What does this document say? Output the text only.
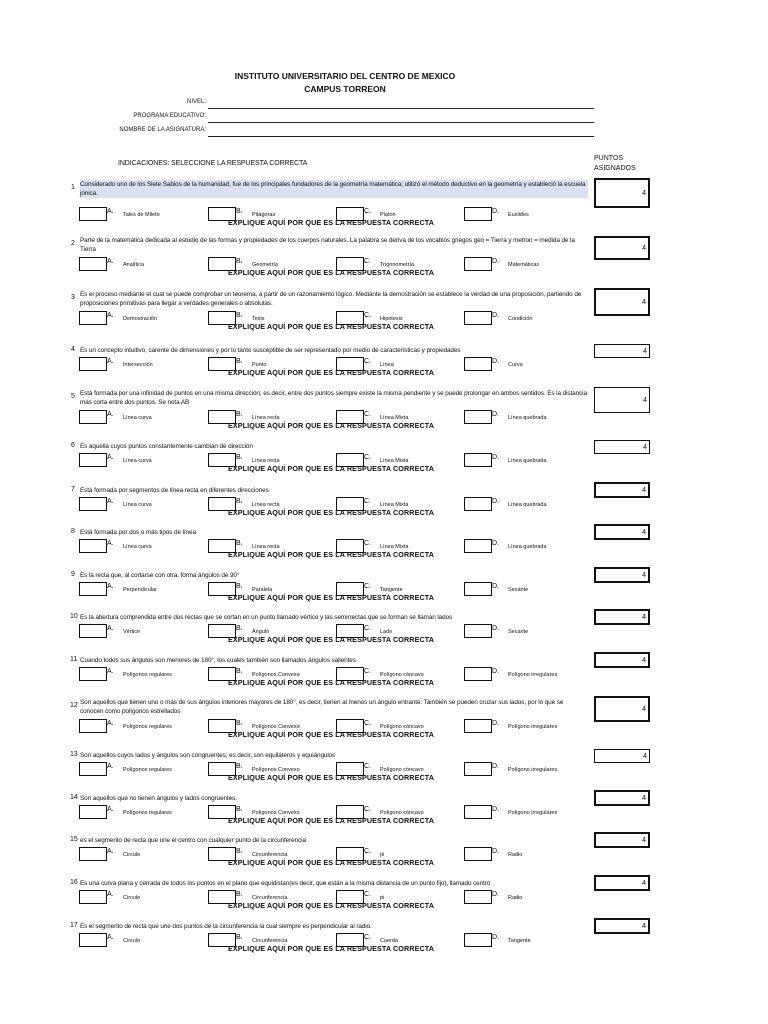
INSTITUTO UNIVERSITARIO DEL CENTRO DE MEXICO
CAMPUS TORREON
NIVEL:
PROGRAMA EDUCATIVO:
NOMBRE DE LA ASIGNATURA:
INDICACIONES: SELECCIONE LA RESPUESTA CORRECTA
PUNTOS
ASIGNADOS
1 Considerado uno de los Siete Sabios de la humanidad, fue de los principales fundadores de la geometría matemática; utilizó el método deductivo en la geometría y estableció la escuela jónica.	4
A. Tales de Mileto	B. Pitágoras	C. Platón	D. Euclides
EXPLIQUE AQUÍ POR QUE ES LA RESPUESTA CORRECTA
2 Parte de la matemática dedicada al estudio de las formas y propiedades de los cuerpos naturales. La palabra se deriva de los vocablos griegos geo = Tierra y metron = medida de la Tierra	4
A. Analítica	B. Geometría	C. Trigonometría	D. Matemáticas
EXPLIQUE AQUÍ POR QUE ES LA RESPUESTA CORRECTA
3 Es el proceso mediante el cual se puede comprobar un teorema, a partir de un razonamiento lógico. Mediante la demostración se establece la verdad de una proposición, partiendo de proposiciones primitivas para llegar a verdades generales o absolutas.	4
A. Demostración	B. Tesis	C. Hipotesis	D. Condición
EXPLIQUE AQUÍ POR QUE ES LA RESPUESTA CORRECTA
4 Es un concepto intuitivo, carente de dimensiones y por lo tanto susceptible de ser representado por medio de características y propiedades	4
A. Intersección	B. Punto	C. Línea	D. Curva
EXPLIQUE AQUÍ POR QUE ES LA RESPUESTA CORRECTA
5 Está formada por una infinidad de puntos en una misma dirección; es decir, entre dos puntos siempre existe la misma pendiente y se puede prolongar en ambos sentidos. Es la distancia más corta entre dos puntos. Se nota AB	4
A. Línea curva	B. Línea recta	C. Línea Mixta	D. Línea quebrada
EXPLIQUE AQUÍ POR QUE ES LA RESPUESTA CORRECTA
6 Es aquella cuyos puntos constantemente cambian de dirección	4
A. Línea curva	B. Línea recta	C. Línea Mixta	D. Línea quebrada
EXPLIQUE AQUÍ POR QUE ES LA RESPUESTA CORRECTA
7 Está formada por segmentos de línea recta en diferentes direcciones	4
A. Línea curva	B. Línea recta	C. Línea Mixta	D. Línea quebrada
EXPLIQUE AQUÍ POR QUE ES LA RESPUESTA CORRECTA
8 Está formada por dos o más tipos de línea	4
A. Línea curva	B. Línea recta	C. Línea Mixta	D. Línea quebrada
EXPLIQUE AQUÍ POR QUE ES LA RESPUESTA CORRECTA
9 Es la recta que, al cortarse con otra, forma ángulos de 90°	4
A. Perpendicular	B. Paralela	C. Tangente	D. Secante
EXPLIQUE AQUÍ POR QUE ES LA RESPUESTA CORRECTA
10 Es la abertura comprendida entre dos rectas que se cortan en un punto llamado vértice y las semirrectas que se forman se llaman lados	4
A. Vértice	B. Ángulo	C. Lado	D. Secante
EXPLIQUE AQUÍ POR QUE ES LA RESPUESTA CORRECTA
11 Cuando todos sus ángulos son menores de 180°, los cuales también son llamados ángulos salientes	4
A. Polígonos regulares	B. Polígonos Convexo	C. Polígono cóncavo	D. Polígono irregulares
EXPLIQUE AQUÍ POR QUE ES LA RESPUESTA CORRECTA
12 Son aquellos que tienen uno o más de sus ángulos interiores mayores de 180°, es decir, tienen al menos un ángulo entrante. También se pueden cruzar sus lados, por lo que se conocen como polígonos estrellados	4
A. Polígonos regulares	B. Polígonos Convexo	C. Polígono cóncavo	D. Polígono irregulares
EXPLIQUE AQUÍ POR QUE ES LA RESPUESTA CORRECTA
13 Son aquellos cuyos lados y ángulos son congruentes; es decir, son equiláteros y equiángulos	4
A. Polígonos regulares	B. Polígonos Convexo	C. Polígono cóncavo	D. Polígono irregulares
EXPLIQUE AQUÍ POR QUE ES LA RESPUESTA CORRECTA
14 Son aquellos que no tienen ángulos y lados congruentes.	4
A. Polígonos regulares	B. Polígonos Convexo	C. Polígono cóncavo	D. Polígono irregulares
EXPLIQUE AQUÍ POR QUE ES LA RESPUESTA CORRECTA
15 es el segmento de recta que une el centro con cualquier punto de la circunferencia	4
A. Circulo	B. Circunferencia	C. pi	D. Radio
EXPLIQUE AQUÍ POR QUE ES LA RESPUESTA CORRECTA
16 Es una curva plana y cerrada de todos los puntos en el plano que equidistan(es decir, que están a la misma distancia de un punto fijo), llamado centro	4
A. Circulo	B. Circunferencia	C. pi	D. Radio
EXPLIQUE AQUÍ POR QUE ES LA RESPUESTA CORRECTA
17 Es el segmento de recta que une dos puntos de la circunferencia la cual siempre es perpendicular al radio.	4
A. Circulo	B. Circunferencia	C. Cuerda	D. Tangente
EXPLIQUE AQUÍ POR QUE ES LA RESPUESTA CORRECTA
